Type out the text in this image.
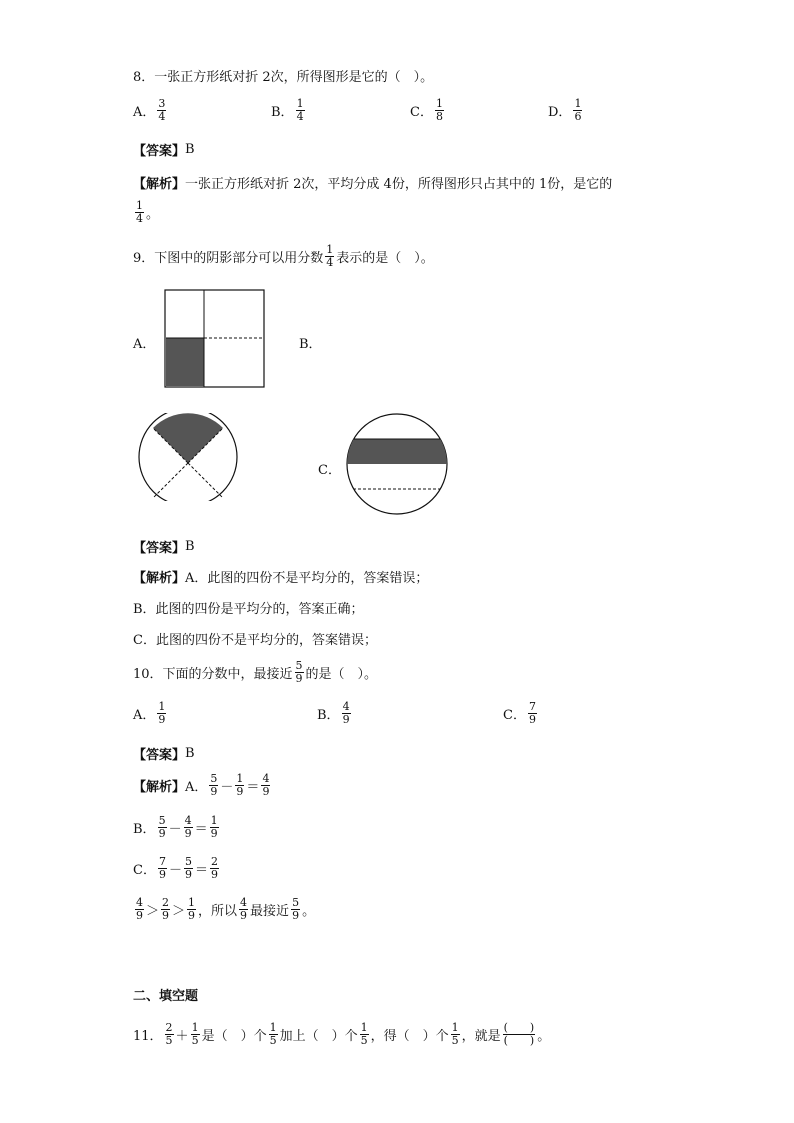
8．一张正方形纸对折 2次，所得图形是它的（　）。
A． $\frac{3}{4}$	B． $\frac{1}{4}$	C． $\frac{1}{8}$	D． $\frac{1}{6}$
【答案】 B
【解析】 一张正方形纸对折 2次，平均分成 4份，所得图形只占其中的 1份，是它的
$\frac{1}{4}$ 。
9．下图中的阴影部分可以用分数 $\frac{1}{4}$ 表示的是（　）。
A．	B．
C．
【答案】 B
【解析】 A．此图的四份不是平均分的，答案错误；
B．此图的四份是平均分的，答案正确；
C．此图的四份不是平均分的，答案错误；
10．下面的分数中，最接近 $\frac{5}{9}$ 的是（　）。
A． $\frac{1}{9}$	B． $\frac{4}{9}$	C． $\frac{7}{9}$
【答案】 B
【解析】 A． $\frac{5}{9} - \frac{1}{9} = \frac{4}{9}$
B． $\frac{5}{9} - \frac{4}{9} = \frac{1}{9}$
C． $\frac{7}{9} - \frac{5}{9} = \frac{2}{9}$
$\frac{4}{9} > \frac{2}{9} > \frac{1}{9}$ ，所以 $\frac{4}{9}$ 最接近 $\frac{5}{9}$ 。
二、填空题
11． $\frac{2}{5} + \frac{1}{5}$ 是（　）个 $\frac{1}{5}$ 加上（　）个 $\frac{1}{5}$ ，得（　）个 $\frac{1}{5}$ ，就是 $\frac{( )}{( )}$ 。
